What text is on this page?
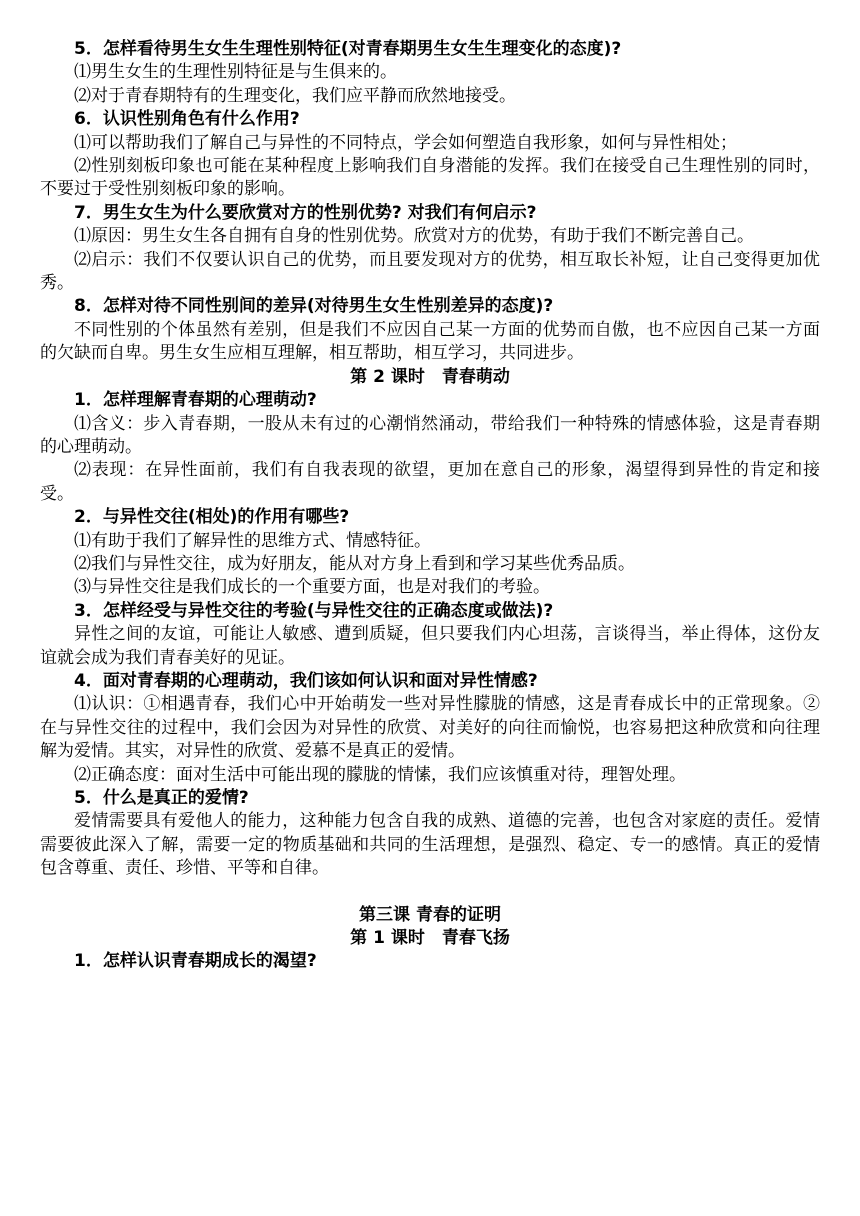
5．怎样看待男生女生生理性别特征(对青春期男生女生生理变化的态度)?

⑴男生女生的生理性别特征是与生俱来的。

⑵对于青春期特有的生理变化，我们应平静而欣然地接受。

6．认识性别角色有什么作用?

⑴可以帮助我们了解自己与异性的不同特点，学会如何塑造自我形象，如何与异性相处；

⑵性别刻板印象也可能在某种程度上影响我们自身潜能的发挥。我们在接受自己生理性别的同时，不要过于受性别刻板印象的影响。

7．男生女生为什么要欣赏对方的性别优势? 对我们有何启示?

⑴原因：男生女生各自拥有自身的性别优势。欣赏对方的优势，有助于我们不断完善自己。

⑵启示：我们不仅要认识自己的优势，而且要发现对方的优势，相互取长补短，让自己变得更加优秀。

8．怎样对待不同性别间的差异(对待男生女生性别差异的态度)?

不同性别的个体虽然有差别，但是我们不应因自己某一方面的优势而自傲，也不应因自己某一方面的欠缺而自卑。男生女生应相互理解，相互帮助，相互学习，共同进步。

第 2 课时　青春萌动

1．怎样理解青春期的心理萌动?

⑴含义：步入青春期，一股从未有过的心潮悄然涌动，带给我们一种特殊的情感体验，这是青春期的心理萌动。

⑵表现：在异性面前，我们有自我表现的欲望，更加在意自己的形象，渴望得到异性的肯定和接受。

2．与异性交往(相处)的作用有哪些?

⑴有助于我们了解异性的思维方式、情感特征。

⑵我们与异性交往，成为好朋友，能从对方身上看到和学习某些优秀品质。

⑶与异性交往是我们成长的一个重要方面，也是对我们的考验。

3．怎样经受与异性交往的考验(与异性交往的正确态度或做法)?

异性之间的友谊，可能让人敏感、遭到质疑，但只要我们内心坦荡，言谈得当，举止得体，这份友谊就会成为我们青春美好的见证。

4．面对青春期的心理萌动，我们该如何认识和面对异性情感?

⑴认识：①相遇青春，我们心中开始萌发一些对异性朦胧的情感，这是青春成长中的正常现象。②在与异性交往的过程中，我们会因为对异性的欣赏、对美好的向往而愉悦，也容易把这种欣赏和向往理解为爱情。其实，对异性的欣赏、爱慕不是真正的爱情。

⑵正确态度：面对生活中可能出现的朦胧的情愫，我们应该慎重对待，理智处理。

5．什么是真正的爱情?

爱情需要具有爱他人的能力，这种能力包含自我的成熟、道德的完善，也包含对家庭的责任。爱情需要彼此深入了解，需要一定的物质基础和共同的生活理想，是强烈、稳定、专一的感情。真正的爱情包含尊重、责任、珍惜、平等和自律。

第三课 青春的证明

第 1 课时　青春飞扬

1．怎样认识青春期成长的渴望?
